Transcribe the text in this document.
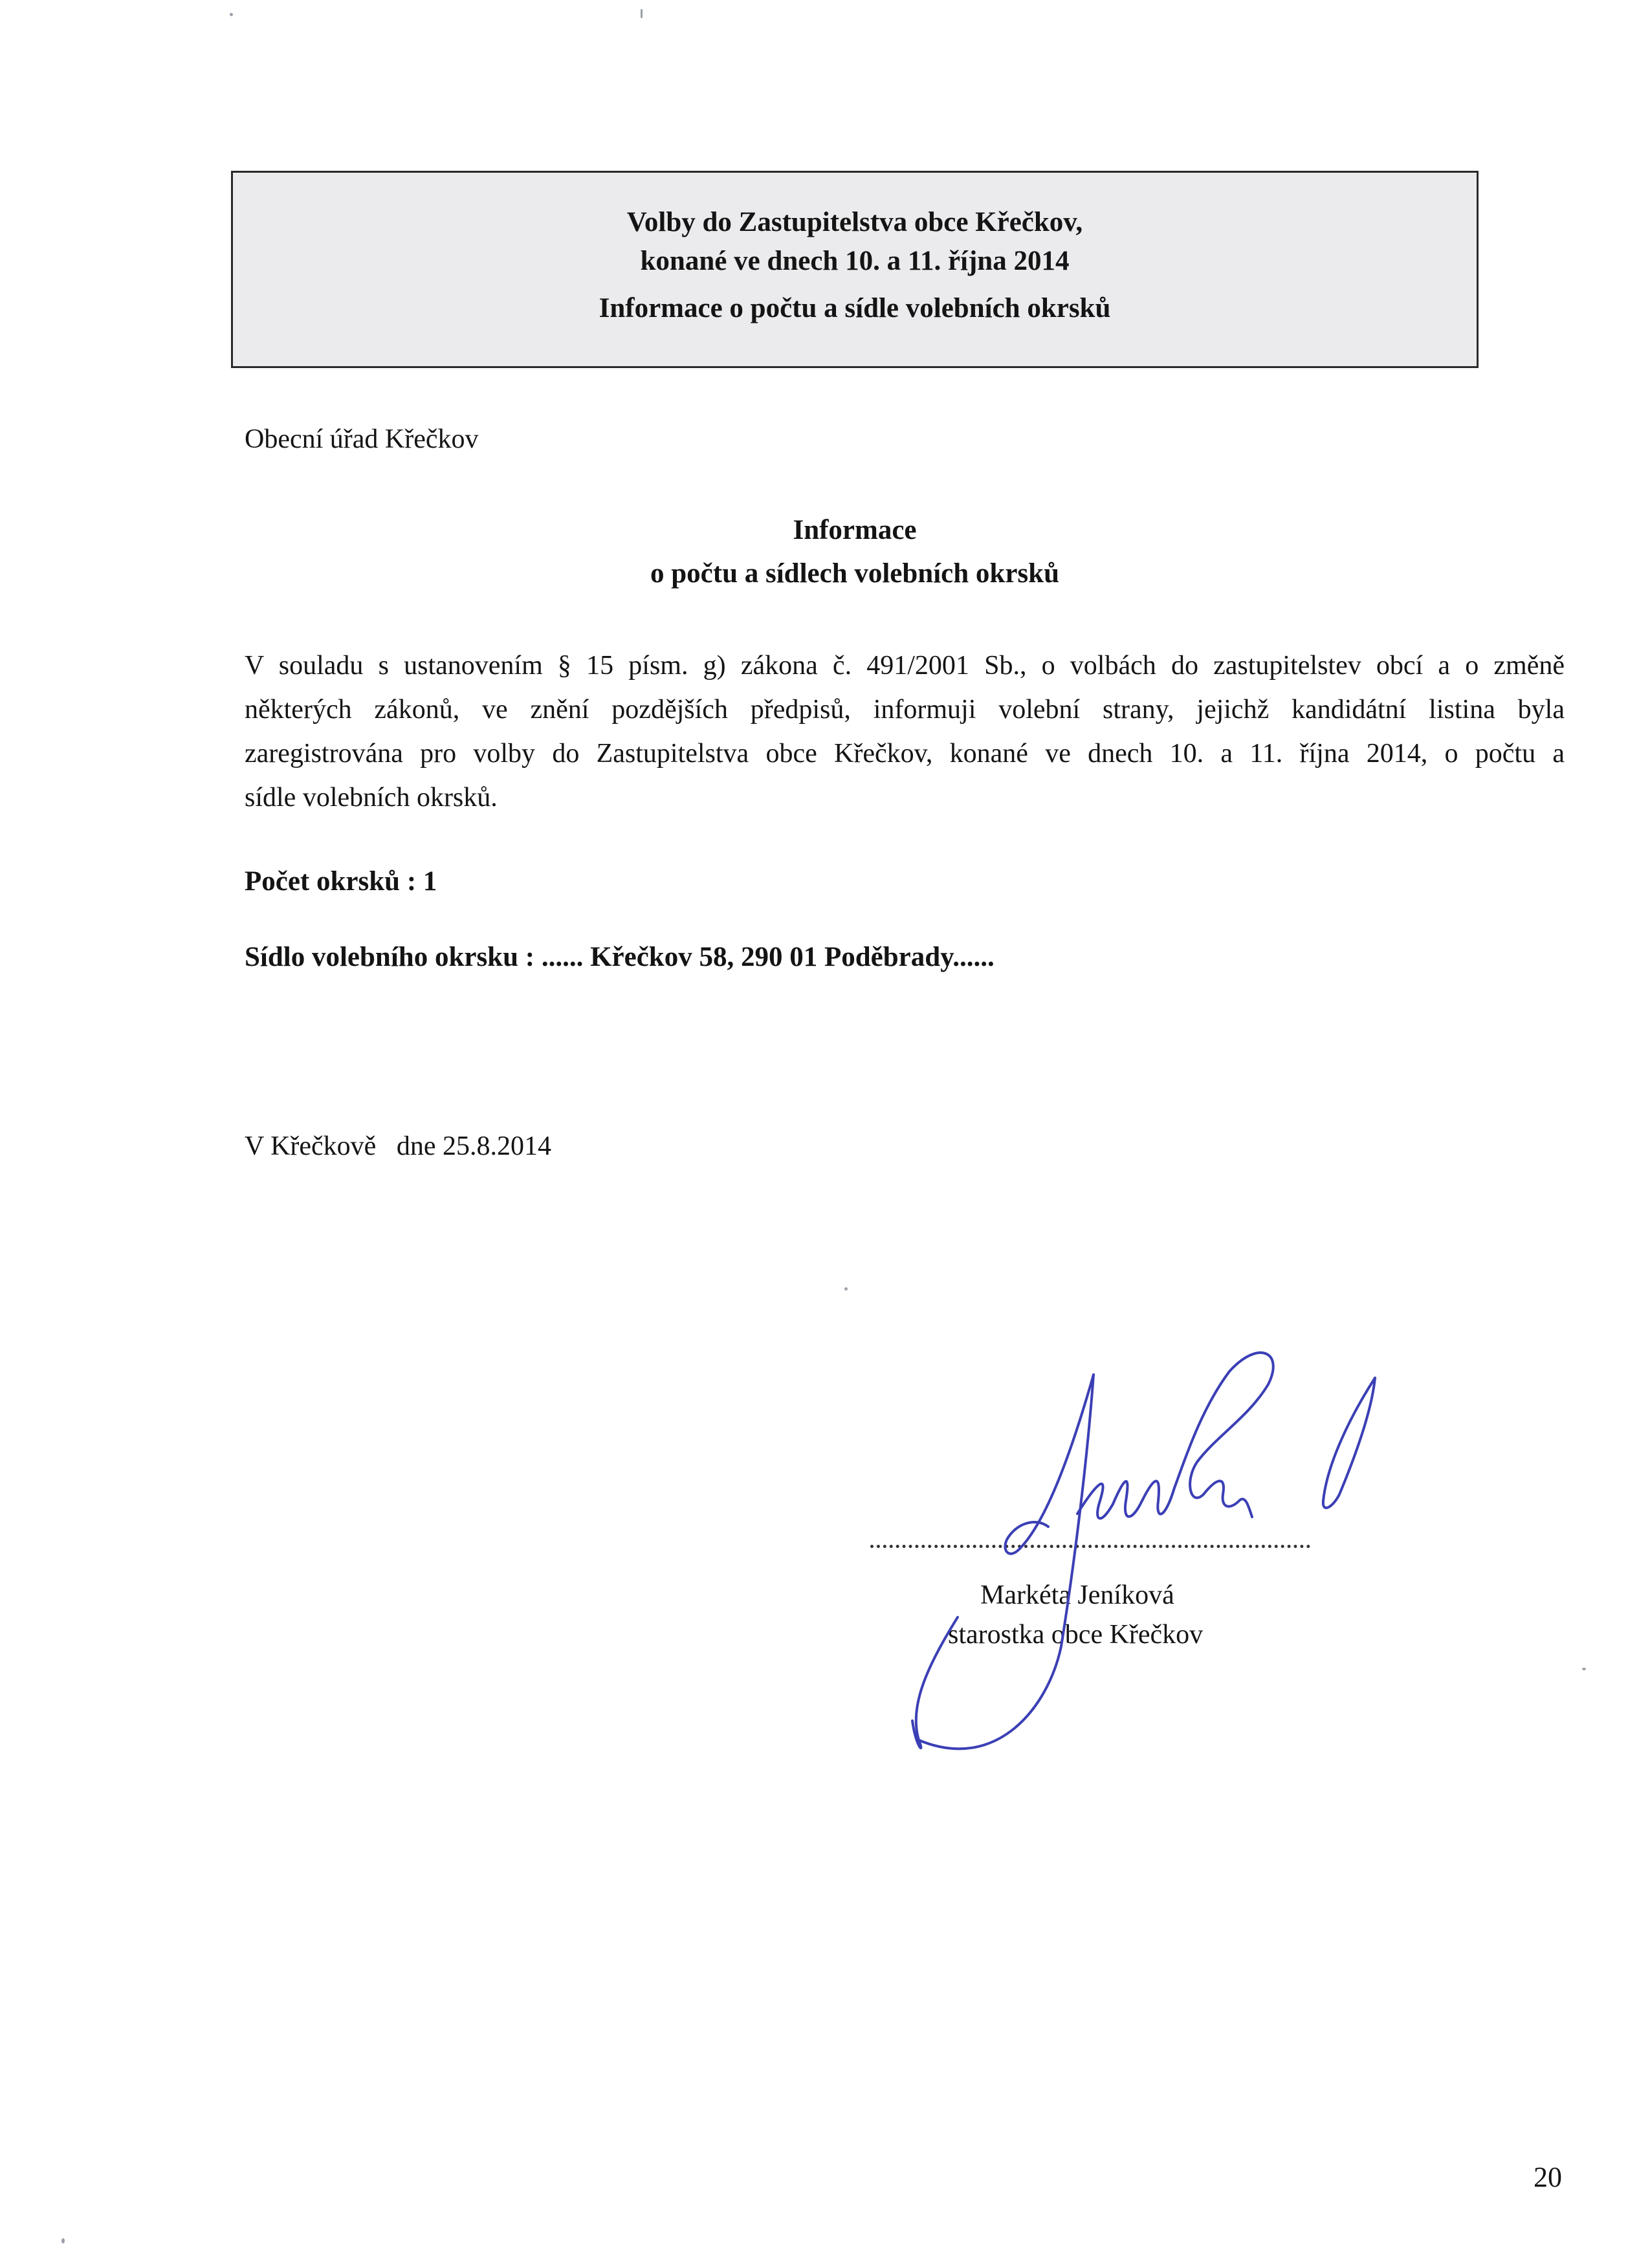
Volby do Zastupitelstva obce Křečkov,
konané ve dnech 10. a 11. října 2014
Informace o počtu a sídle volebních okrsků
Obecní úřad Křečkov
Informace
o počtu a sídlech volebních okrsků
V souladu s ustanovením § 15 písm. g) zákona č. 491/2001 Sb., o volbách do zastupitelstev obcí a o změně
některých zákonů, ve znění pozdějších předpisů, informuji volební strany, jejichž kandidátní listina byla
zaregistrována pro volby do Zastupitelstva obce Křečkov, konané ve dnech 10. a 11. října 2014, o počtu a
sídle volebních okrsků.
Počet okrsků : 1
Sídlo volebního okrsku : ...... Křečkov 58, 290 01 Poděbrady......
V Křečkově   dne 25.8.2014
Markéta Jeníková
starostka obce Křečkov
20
